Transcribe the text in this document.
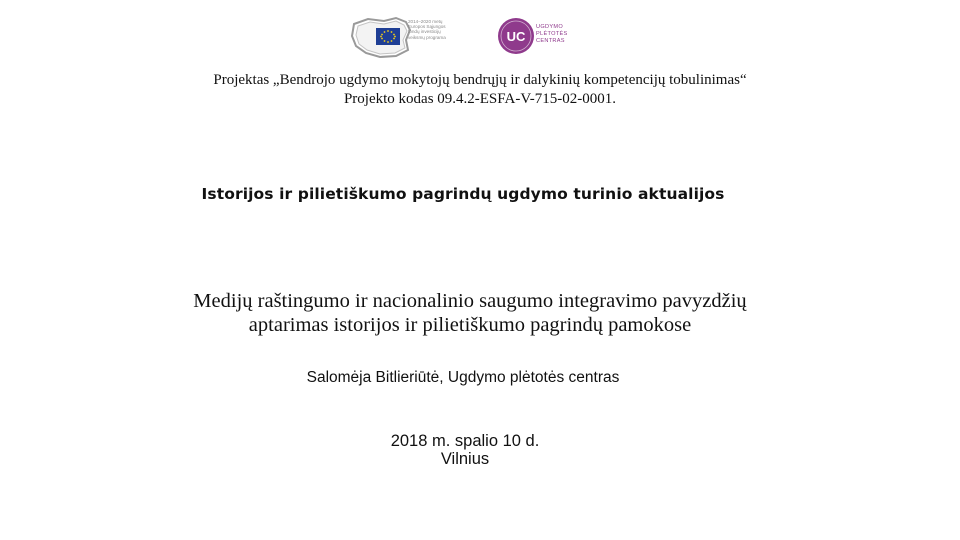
2014–2020 metų
Europos Sąjungos
fondų investicijų
veiksmų programa	UC
UGDYMO
PLĖTOTĖS
CENTRAS
Projektas „Bendrojo ugdymo mokytojų bendrųjų ir dalykinių kompetencijų tobulinimas“
Projekto kodas 09.4.2-ESFA-V-715-02-0001.
Istorijos ir pilietiškumo pagrindų ugdymo turinio aktualijos
Medijų raštingumo ir nacionalinio saugumo integravimo pavyzdžių
aptarimas istorijos ir pilietiškumo pagrindų pamokose
Salomėja Bitlieriūtė, Ugdymo plėtotės centras
2018 m. spalio 10 d.
Vilnius
